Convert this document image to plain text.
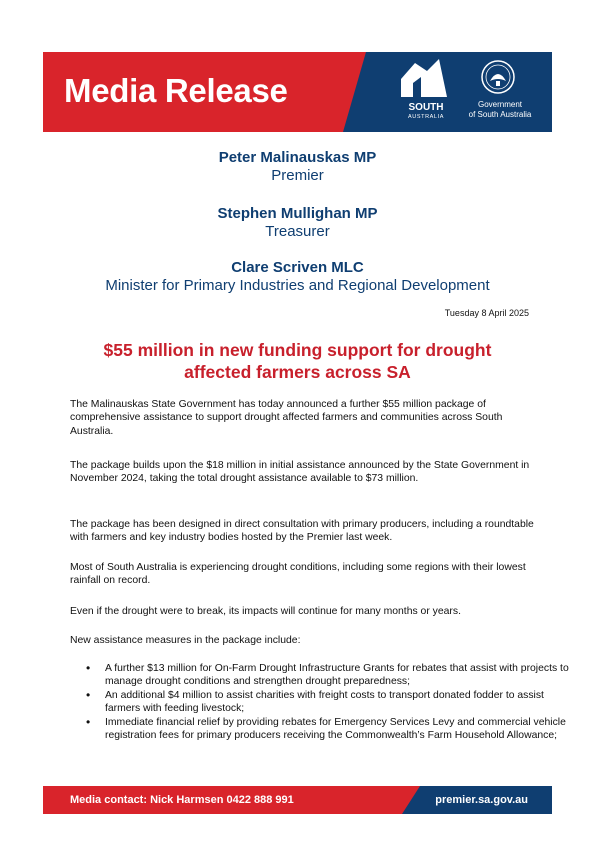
Media Release	SOUTH
AUSTRALIA
Government
of South Australia
Peter Malinauskas MP
Premier
Stephen Mullighan MP
Treasurer
Clare Scriven MLC
Minister for Primary Industries and Regional Development
Tuesday 8 April 2025
$55 million in new funding support for drought
affected farmers across SA

The Malinauskas State Government has today announced a further $55 million package of comprehensive assistance to support drought affected farmers and communities across South Australia.

The package builds upon the $18 million in initial assistance announced by the State Government in November 2024, taking the total drought assistance available to $73 million.

The package has been designed in direct consultation with primary producers, including a roundtable with farmers and key industry bodies hosted by the Premier last week.

Most of South Australia is experiencing drought conditions, including some regions with their lowest rainfall on record.

Even if the drought were to break, its impacts will continue for many months or years.

New assistance measures in the package include:

• A further $13 million for On-Farm Drought Infrastructure Grants for rebates that assist with projects to manage drought conditions and strengthen drought preparedness;
• An additional $4 million to assist charities with freight costs to transport donated fodder to assist farmers with feeding livestock;
• Immediate financial relief by providing rebates for Emergency Services Levy and commercial vehicle registration fees for primary producers receiving the Commonwealth’s Farm Household Allowance;
Media contact: Nick Harmsen 0422 888 991	premier.sa.gov.au
